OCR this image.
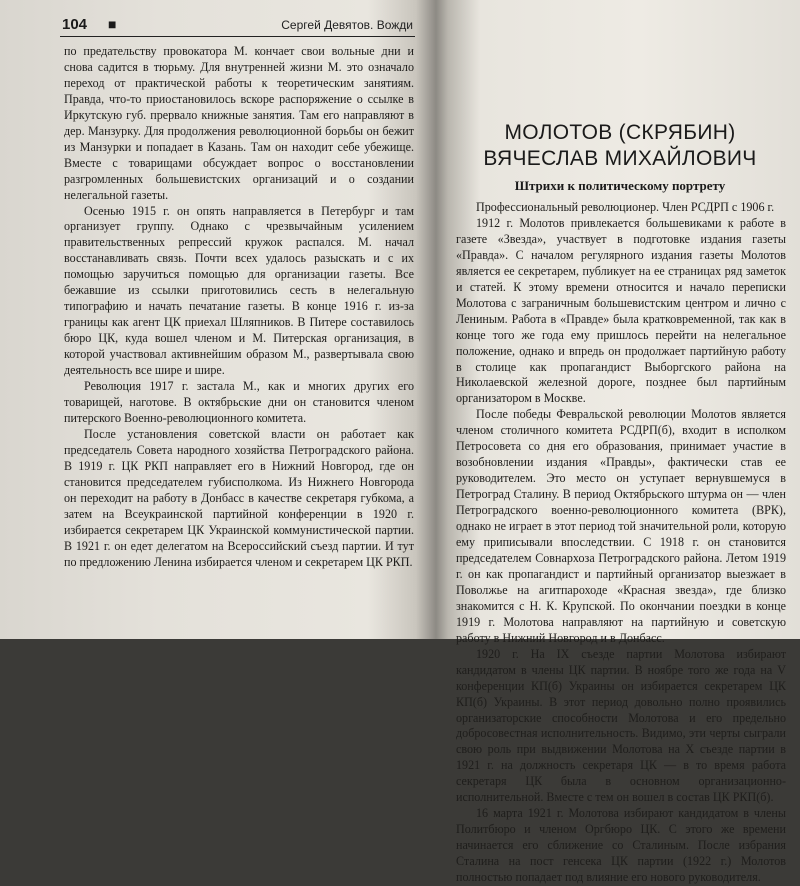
104 ■	Сергей Девятов. Вожди

по предательству провокатора М. кончает свои вольные дни и снова садится в тюрьму. Для внутренней жизни М. это означало переход от практической работы к теоретическим занятиям. Правда, что-то приостановилось вскоре распоряжение о ссылке в Иркутскую губ. прервало книжные занятия. Там его направляют в дер. Манзурку. Для продолжения революционной борьбы он бежит из Манзурки и попадает в Казань. Там он находит себе убежище. Вместе с товарищами обсуждает вопрос о восстановлении разгромленных большевистских организаций и о создании нелегальной газеты.

Осенью 1915 г. он опять направляется в Петербург и там организует группу. Однако с чрезвычайным усилением правительственных репрессий кружок распался. М. начал восстанавливать связь. Почти всех удалось разыскать и с их помощью заручиться помощью для организации газеты. Все бежавшие из ссылки приготовились сесть в нелегальную типографию и начать печатание газеты. В конце 1916 г. из-за границы как агент ЦК приехал Шляпников. В Питере составилось бюро ЦК, куда вошел членом и М. Питерская организация, в которой участвовал активнейшим образом М., развертывала свою деятельность все шире и шире.

Революция 1917 г. застала М., как и многих других его товарищей, наготове. В октябрьские дни он становится членом питерского Военно-революционного комитета.

После установления советской власти он работает как председатель Совета народного хозяйства Петроградского района. В 1919 г. ЦК РКП направляет его в Нижний Новгород, где он становится председателем губисполкома. Из Нижнего Новгорода он переходит на работу в Донбасс в качестве секретаря губкома, а затем на Всеукраинской партийной конференции в 1920 г. избирается секретарем ЦК Украинской коммунистической партии. В 1921 г. он едет делегатом на Всероссийский съезд партии. И тут по предложению Ленина избирается членом и секретарем ЦК РКП.

МОЛОТОВ (СКРЯБИН)
ВЯЧЕСЛАВ МИХАЙЛОВИЧ
Штрихи к политическому портрету

Профессиональный революционер. Член РСДРП с 1906 г.

1912 г. Молотов привлекается большевиками к работе в газете «Звезда», участвует в подготовке издания газеты «Правда». С началом регулярного издания газеты Молотов является ее секретарем, публикует на ее страницах ряд заметок и статей. К этому времени относится и начало переписки Молотова с заграничным большевистским центром и лично с Лениным. Работа в «Правде» была кратковременной, так как в конце того же года ему пришлось перейти на нелегальное положение, однако и впредь он продолжает партийную работу в столице как пропагандист Выборгского района на Николаевской железной дороге, позднее был партийным организатором в Москве.

После победы Февральской революции Молотов является членом столичного комитета РСДРП(б), входит в исполком Петросовета со дня его образования, принимает участие в возобновлении издания «Правды», фактически став ее руководителем. Это место он уступает вернувшемуся в Петроград Сталину. В период Октябрьского штурма он — член Петроградского военно-революционного комитета (ВРК), однако не играет в этот период той значительной роли, которую ему приписывали впоследствии. С 1918 г. он становится председателем Совнархоза Петроградского района. Летом 1919 г. он как пропагандист и партийный организатор выезжает в Поволжье на агитпароходе «Красная звезда», где близко знакомится с Н. К. Крупской. По окончании поездки в конце 1919 г. Молотова направляют на партийную и советскую работу в Нижний Новгород и в Донбасс.

1920 г. На IX съезде партии Молотова избирают кандидатом в члены ЦК партии. В ноябре того же года на V конференции КП(б) Украины он избирается секретарем ЦК КП(б) Украины. В этот период довольно полно проявились организаторские способности Молотова и его предельно добросовестная исполнительность. Видимо, эти черты сыграли свою роль при выдвижении Молотова на X съезде партии в 1921 г. на должность секретаря ЦК — в то время работа секретаря ЦК была в основном организационно-исполнительной. Вместе с тем он вошел в состав ЦК РКП(б).

16 марта 1921 г. Молотова избирают кандидатом в члены Политбюро и членом Оргбюро ЦК. С этого же времени начинается его сближение со Сталиным. После избрания Сталина на пост генсека ЦК партии (1922 г.) Молотов полностью попадает под влияние его нового руководителя.
